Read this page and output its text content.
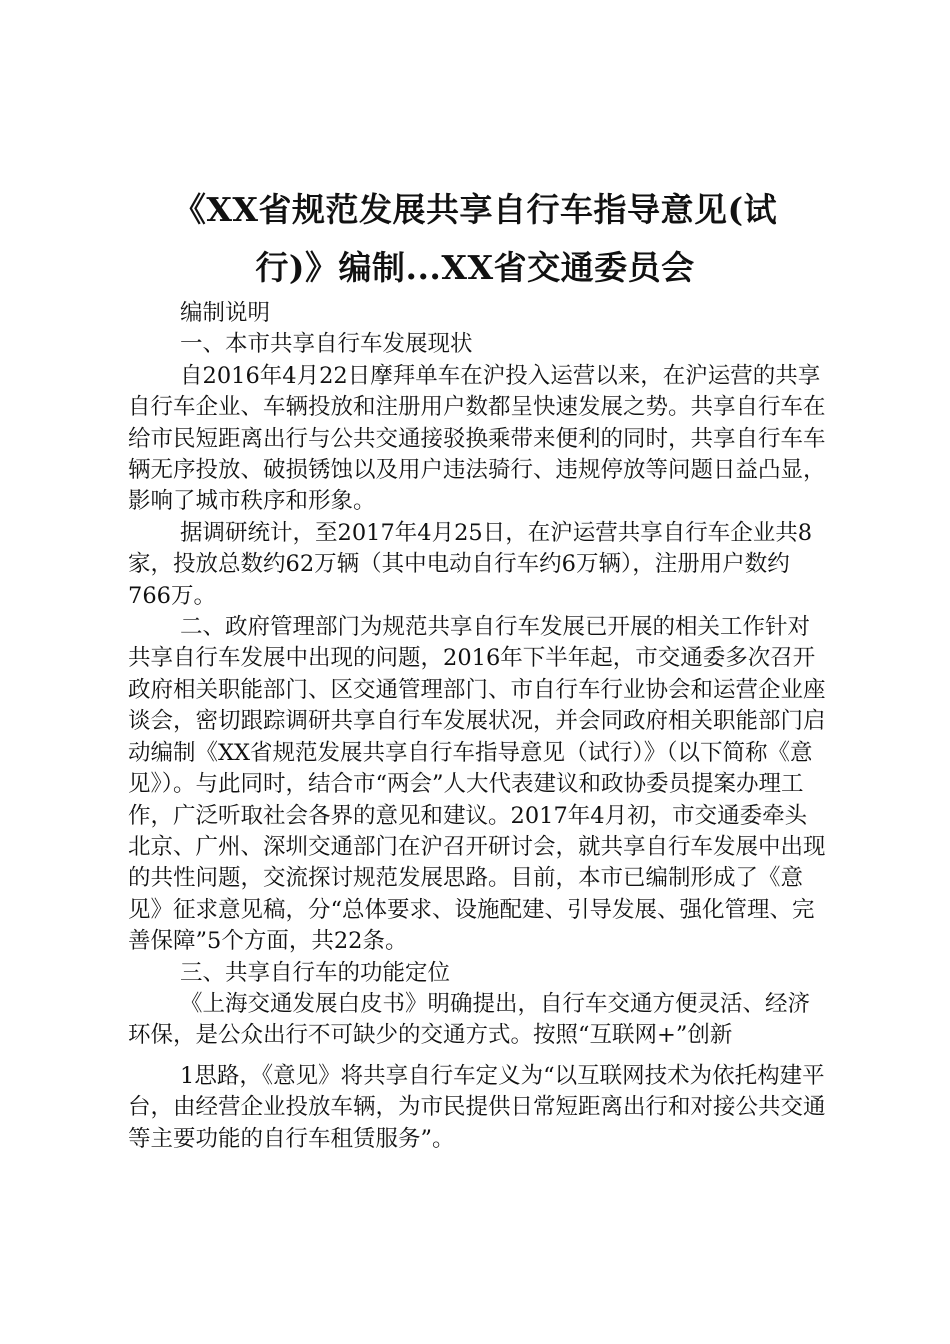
《XX省规范发展共享自行车指导意见(试
行)》编制...XX省交通委员会

编制说明

一、本市共享自行车发展现状

自2016年4月22日摩拜单车在沪投入运营以来，在沪运营的共享自行车企业、车辆投放和注册用户数都呈快速发展之势。共享自行车在给市民短距离出行与公共交通接驳换乘带来便利的同时，共享自行车车辆无序投放、破损锈蚀以及用户违法骑行、违规停放等问题日益凸显，影响了城市秩序和形象。

据调研统计，至2017年4月25日，在沪运营共享自行车企业共8家，投放总数约62万辆（其中电动自行车约6万辆），注册用户数约766万。

二、政府管理部门为规范共享自行车发展已开展的相关工作针对共享自行车发展中出现的问题，2016年下半年起，市交通委多次召开政府相关职能部门、区交通管理部门、市自行车行业协会和运营企业座谈会，密切跟踪调研共享自行车发展状况，并会同政府相关职能部门启动编制《XX省规范发展共享自行车指导意见（试行）》（以下简称《意见》）。与此同时，结合市“两会”人大代表建议和政协委员提案办理工作，广泛听取社会各界的意见和建议。2017年4月初，市交通委牵头北京、广州、深圳交通部门在沪召开研讨会，就共享自行车发展中出现的共性问题，交流探讨规范发展思路。目前，本市已编制形成了《意见》征求意见稿，分“总体要求、设施配建、引导发展、强化管理、完善保障”5个方面，共22条。

三、共享自行车的功能定位

《上海交通发展白皮书》明确提出，自行车交通方便灵活、经济环保，是公众出行不可缺少的交通方式。按照“互联网+”创新

1思路，《意见》将共享自行车定义为“以互联网技术为依托构建平台，由经营企业投放车辆，为市民提供日常短距离出行和对接公共交通等主要功能的自行车租赁服务”。
